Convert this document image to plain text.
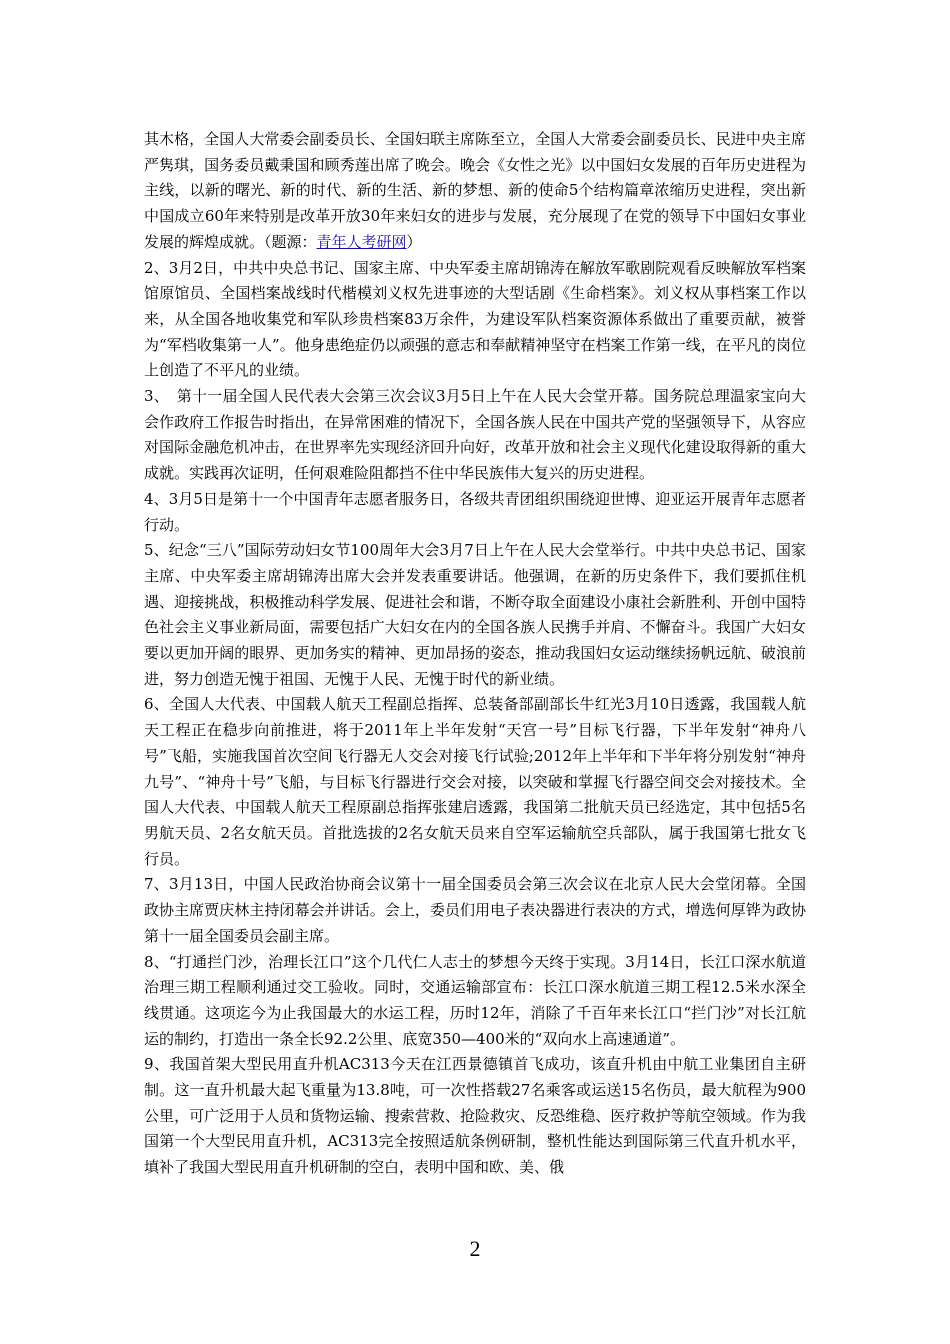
其木格，全国人大常委会副委员长、全国妇联主席陈至立，全国人大常委会副委员长、民进中央主席严隽琪，国务委员戴秉国和顾秀莲出席了晚会。晚会《女性之光》以中国妇女发展的百年历史进程为主线，以新的曙光、新的时代、新的生活、新的梦想、新的使命5个结构篇章浓缩历史进程，突出新中国成立60年来特别是改革开放30年来妇女的进步与发展，充分展现了在党的领导下中国妇女事业发展的辉煌成就。（题源：青年人考研网）

2、3月2日，中共中央总书记、国家主席、中央军委主席胡锦涛在解放军歌剧院观看反映解放军档案馆原馆员、全国档案战线时代楷模刘义权先进事迹的大型话剧《生命档案》。刘义权从事档案工作以来，从全国各地收集党和军队珍贵档案83万余件，为建设军队档案资源体系做出了重要贡献，被誉为“军档收集第一人”。他身患绝症仍以顽强的意志和奉献精神坚守在档案工作第一线，在平凡的岗位上创造了不平凡的业绩。

3、　第十一届全国人民代表大会第三次会议3月5日上午在人民大会堂开幕。国务院总理温家宝向大会作政府工作报告时指出，在异常困难的情况下，全国各族人民在中国共产党的坚强领导下，从容应对国际金融危机冲击，在世界率先实现经济回升向好，改革开放和社会主义现代化建设取得新的重大成就。实践再次证明，任何艰难险阻都挡不住中华民族伟大复兴的历史进程。

4、3月5日是第十一个中国青年志愿者服务日，各级共青团组织围绕迎世博、迎亚运开展青年志愿者行动。

5、纪念“三八”国际劳动妇女节100周年大会3月7日上午在人民大会堂举行。中共中央总书记、国家主席、中央军委主席胡锦涛出席大会并发表重要讲话。他强调，在新的历史条件下，我们要抓住机遇、迎接挑战，积极推动科学发展、促进社会和谐，不断夺取全面建设小康社会新胜利、开创中国特色社会主义事业新局面，需要包括广大妇女在内的全国各族人民携手并肩、不懈奋斗。我国广大妇女要以更加开阔的眼界、更加务实的精神、更加昂扬的姿态，推动我国妇女运动继续扬帆远航、破浪前进，努力创造无愧于祖国、无愧于人民、无愧于时代的新业绩。

6、全国人大代表、中国载人航天工程副总指挥、总装备部副部长牛红光3月10日透露，我国载人航天工程正在稳步向前推进，将于2011年上半年发射“天宫一号”目标飞行器，下半年发射“神舟八号”飞船，实施我国首次空间飞行器无人交会对接飞行试验;2012年上半年和下半年将分别发射“神舟九号”、“神舟十号”飞船，与目标飞行器进行交会对接，以突破和掌握飞行器空间交会对接技术。全国人大代表、中国载人航天工程原副总指挥张建启透露，我国第二批航天员已经选定，其中包括5名男航天员、2名女航天员。首批选拔的2名女航天员来自空军运输航空兵部队，属于我国第七批女飞行员。

7、3月13日，中国人民政治协商会议第十一届全国委员会第三次会议在北京人民大会堂闭幕。全国政协主席贾庆林主持闭幕会并讲话。会上，委员们用电子表决器进行表决的方式，增选何厚铧为政协第十一届全国委员会副主席。

8、“打通拦门沙，治理长江口”这个几代仁人志士的梦想今天终于实现。3月14日，长江口深水航道治理三期工程顺利通过交工验收。同时，交通运输部宣布：长江口深水航道三期工程12.5米水深全线贯通。这项迄今为止我国最大的水运工程，历时12年，消除了千百年来长江口“拦门沙”对长江航运的制约，打造出一条全长92.2公里、底宽350—400米的“双向水上高速通道”。

9、我国首架大型民用直升机AC313今天在江西景德镇首飞成功，该直升机由中航工业集团自主研制。这一直升机最大起飞重量为13.8吨，可一次性搭载27名乘客或运送15名伤员，最大航程为900公里，可广泛用于人员和货物运输、搜索营救、抢险救灾、反恐维稳、医疗救护等航空领域。作为我国第一个大型民用直升机，AC313完全按照适航条例研制，整机性能达到国际第三代直升机水平，填补了我国大型民用直升机研制的空白，表明中国和欧、美、俄

2
